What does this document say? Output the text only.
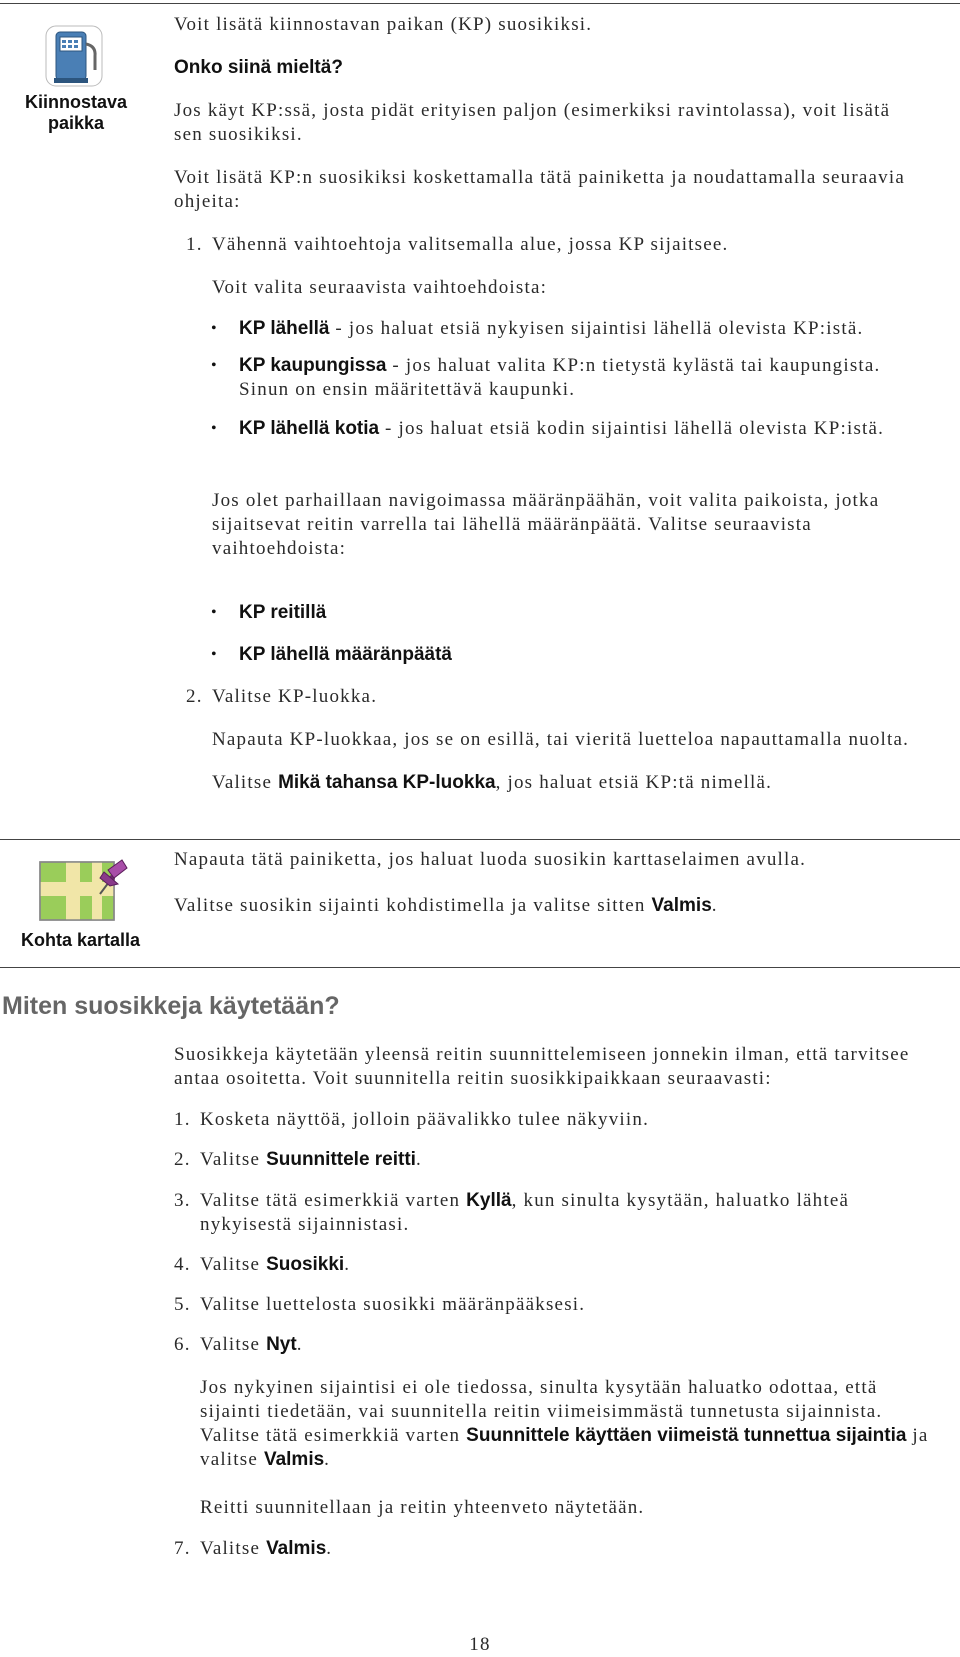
Kiinnostava paikka

Voit lisätä kiinnostavan paikan (KP) suosikiksi.

Onko siinä mieltä?

Jos käyt KP:ssä, josta pidät erityisen paljon (esimerkiksi ravintolassa), voit lisätä sen suosikiksi.

Voit lisätä KP:n suosikiksi koskettamalla tätä painiketta ja noudattamalla seuraavia ohjeita:

1. Vähennä vaihtoehtoja valitsemalla alue, jossa KP sijaitsee.

Voit valita seuraavista vaihtoehdoista:

• KP lähellä - jos haluat etsiä nykyisen sijaintisi lähellä olevista KP:istä.
• KP kaupungissa - jos haluat valita KP:n tietystä kylästä tai kaupungista. Sinun on ensin määritettävä kaupunki.
• KP lähellä kotia - jos haluat etsiä kodin sijaintisi lähellä olevista KP:istä.
Jos olet parhaillaan navigoimassa määränpäähän, voit valita paikoista, jotka sijaitsevat reitin varrella tai lähellä määränpäätä. Valitse seuraavista vaihtoehdoista:
• KP reitillä
• KP lähellä määränpäätä
2. Valitse KP-luokka.

Napauta KP-luokkaa, jos se on esillä, tai vieritä luetteloa napauttamalla nuolta.

Valitse Mikä tahansa KP-luokka, jos haluat etsiä KP:tä nimellä.

Kohta kartalla

Napauta tätä painiketta, jos haluat luoda suosikin karttaselaimen avulla.

Valitse suosikin sijainti kohdistimella ja valitse sitten Valmis.

Miten suosikkeja käytetään?
Suosikkeja käytetään yleensä reitin suunnittelemiseen jonnekin ilman, että tarvitsee antaa osoitetta. Voit suunnitella reitin suosikkipaikkaan seuraavasti:
1. Kosketa näyttöä, jolloin päävalikko tulee näkyviin.
2. Valitse Suunnittele reitti.
3. Valitse tätä esimerkkiä varten Kyllä, kun sinulta kysytään, haluatko lähteä nykyisestä sijainnistasi.
4. Valitse Suosikki.
5. Valitse luettelosta suosikki määränpääksesi.
6. Valitse Nyt.
Jos nykyinen sijaintisi ei ole tiedossa, sinulta kysytään haluatko odottaa, että sijainti tiedetään, vai suunnitella reitin viimeisimmästä tunnetusta sijainnista. Valitse tätä esimerkkiä varten Suunnittele käyttäen viimeistä tunnettua sijaintia ja valitse Valmis.
Reitti suunnitellaan ja reitin yhteenveto näytetään.
7. Valitse Valmis.
18
